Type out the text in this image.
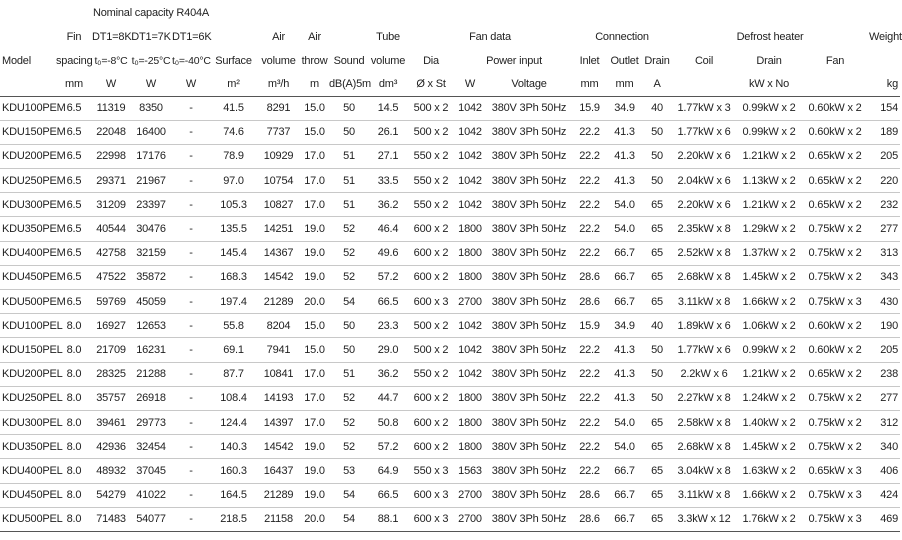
		Nominal capacity R404A																	
	Fin	DT1=8K	DT1=7K	DT1=6K		Air	Air		Tube	Fan data			Connection			Defrost heater			Weight
Model	spacing	t₀=-8°C	t₀=-25°C	t₀=-40°C	Surface	volume	throw	Sound	volume	Dia	Power input		Inlet	Outlet	Drain	Coil	Drain	Fan	
	mm	W	W	W	m²	m³/h	m	dB(A)5m	dm³	Ø x St	W	Voltage	mm	mm	A		kW x No		kg
KDU100PEM	6.5	11319	8350	-	41.5	8291	15.0	50	14.5	500 x 2	1042	380V 3Ph 50Hz	15.9	34.9	40	1.77kW x 3	0.99kW x 2	0.60kW x 2	154
KDU150PEM	6.5	22048	16400	-	74.6	7737	15.0	50	26.1	500 x 2	1042	380V 3Ph 50Hz	22.2	41.3	50	1.77kW x 6	0.99kW x 2	0.60kW x 2	189
KDU200PEM	6.5	22998	17176	-	78.9	10929	17.0	51	27.1	550 x 2	1042	380V 3Ph 50Hz	22.2	41.3	50	2.20kW x 6	1.21kW x 2	0.65kW x 2	205
KDU250PEM	6.5	29371	21967	-	97.0	10754	17.0	51	33.5	550 x 2	1042	380V 3Ph 50Hz	22.2	41.3	50	2.04kW x 6	1.13kW x 2	0.65kW x 2	220
KDU300PEM	6.5	31209	23397	-	105.3	10827	17.0	51	36.2	550 x 2	1042	380V 3Ph 50Hz	22.2	54.0	65	2.20kW x 6	1.21kW x 2	0.65kW x 2	232
KDU350PEM	6.5	40544	30476	-	135.5	14251	19.0	52	46.4	600 x 2	1800	380V 3Ph 50Hz	22.2	54.0	65	2.35kW x 8	1.29kW x 2	0.75kW x 2	277
KDU400PEM	6.5	42758	32159	-	145.4	14367	19.0	52	49.6	600 x 2	1800	380V 3Ph 50Hz	22.2	66.7	65	2.52kW x 8	1.37kW x 2	0.75kW x 2	313
KDU450PEM	6.5	47522	35872	-	168.3	14542	19.0	52	57.2	600 x 2	1800	380V 3Ph 50Hz	28.6	66.7	65	2.68kW x 8	1.45kW x 2	0.75kW x 2	343
KDU500PEM	6.5	59769	45059	-	197.4	21289	20.0	54	66.5	600 x 3	2700	380V 3Ph 50Hz	28.6	66.7	65	3.11kW x 8	1.66kW x 2	0.75kW x 3	430
KDU100PEL	8.0	16927	12653	-	55.8	8204	15.0	50	23.3	500 x 2	1042	380V 3Ph 50Hz	15.9	34.9	40	1.89kW x 6	1.06kW x 2	0.60kW x 2	190
KDU150PEL	8.0	21709	16231	-	69.1	7941	15.0	50	29.0	500 x 2	1042	380V 3Ph 50Hz	22.2	41.3	50	1.77kW x 6	0.99kW x 2	0.60kW x 2	205
KDU200PEL	8.0	28325	21288	-	87.7	10841	17.0	51	36.2	550 x 2	1042	380V 3Ph 50Hz	22.2	41.3	50	2.2kW x 6	1.21kW x 2	0.65kW x 2	238
KDU250PEL	8.0	35757	26918	-	108.4	14193	17.0	52	44.7	600 x 2	1800	380V 3Ph 50Hz	22.2	41.3	50	2.27kW x 8	1.24kW x 2	0.75kW x 2	277
KDU300PEL	8.0	39461	29773	-	124.4	14397	17.0	52	50.8	600 x 2	1800	380V 3Ph 50Hz	22.2	54.0	65	2.58kW x 8	1.40kW x 2	0.75kW x 2	312
KDU350PEL	8.0	42936	32454	-	140.3	14542	19.0	52	57.2	600 x 2	1800	380V 3Ph 50Hz	22.2	54.0	65	2.68kW x 8	1.45kW x 2	0.75kW x 2	340
KDU400PEL	8.0	48932	37045	-	160.3	16437	19.0	53	64.9	550 x 3	1563	380V 3Ph 50Hz	22.2	66.7	65	3.04kW x 8	1.63kW x 2	0.65kW x 3	406
KDU450PEL	8.0	54279	41022	-	164.5	21289	19.0	54	66.5	600 x 3	2700	380V 3Ph 50Hz	28.6	66.7	65	3.11kW x 8	1.66kW x 2	0.75kW x 3	424
KDU500PEL	8.0	71483	54077	-	218.5	21158	20.0	54	88.1	600 x 3	2700	380V 3Ph 50Hz	28.6	66.7	65	3.3kW x 12	1.76kW x 2	0.75kW x 3	469
